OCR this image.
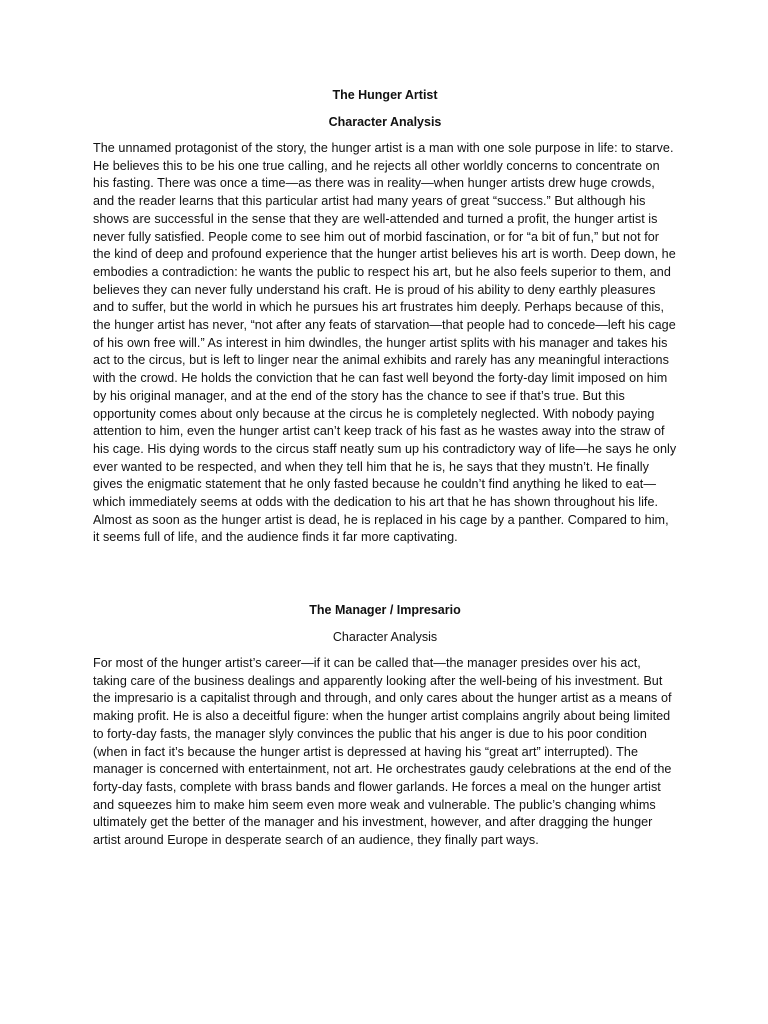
The Hunger Artist
Character Analysis

The unnamed protagonist of the story, the hunger artist is a man with one sole purpose in life: to starve. He believes this to be his one true calling, and he rejects all other worldly concerns to concentrate on his fasting. There was once a time—as there was in reality—when hunger artists drew huge crowds, and the reader learns that this particular artist had many years of great “success.” But although his shows are successful in the sense that they are well-attended and turned a profit, the hunger artist is never fully satisfied. People come to see him out of morbid fascination, or for “a bit of fun,” but not for the kind of deep and profound experience that the hunger artist believes his art is worth. Deep down, he embodies a contradiction: he wants the public to respect his art, but he also feels superior to them, and believes they can never fully understand his craft. He is proud of his ability to deny earthly pleasures and to suffer, but the world in which he pursues his art frustrates him deeply. Perhaps because of this, the hunger artist has never, “not after any feats of starvation—that people had to concede—left his cage of his own free will.” As interest in him dwindles, the hunger artist splits with his manager and takes his act to the circus, but is left to linger near the animal exhibits and rarely has any meaningful interactions with the crowd. He holds the conviction that he can fast well beyond the forty-day limit imposed on him by his original manager, and at the end of the story has the chance to see if that’s true. But this opportunity comes about only because at the circus he is completely neglected. With nobody paying attention to him, even the hunger artist can’t keep track of his fast as he wastes away into the straw of his cage. His dying words to the circus staff neatly sum up his contradictory way of life—he says he only ever wanted to be respected, and when they tell him that he is, he says that they mustn’t. He finally gives the enigmatic statement that he only fasted because he couldn’t find anything he liked to eat—which immediately seems at odds with the dedication to his art that he has shown throughout his life. Almost as soon as the hunger artist is dead, he is replaced in his cage by a panther. Compared to him, it seems full of life, and the audience finds it far more captivating.

The Manager / Impresario
Character Analysis

For most of the hunger artist’s career—if it can be called that—the manager presides over his act, taking care of the business dealings and apparently looking after the well-being of his investment. But the impresario is a capitalist through and through, and only cares about the hunger artist as a means of making profit. He is also a deceitful figure: when the hunger artist complains angrily about being limited to forty-day fasts, the manager slyly convinces the public that his anger is due to his poor condition (when in fact it’s because the hunger artist is depressed at having his “great art” interrupted). The manager is concerned with entertainment, not art. He orchestrates gaudy celebrations at the end of the forty-day fasts, complete with brass bands and flower garlands. He forces a meal on the hunger artist and squeezes him to make him seem even more weak and vulnerable. The public’s changing whims ultimately get the better of the manager and his investment, however, and after dragging the hunger artist around Europe in desperate search of an audience, they finally part ways.
